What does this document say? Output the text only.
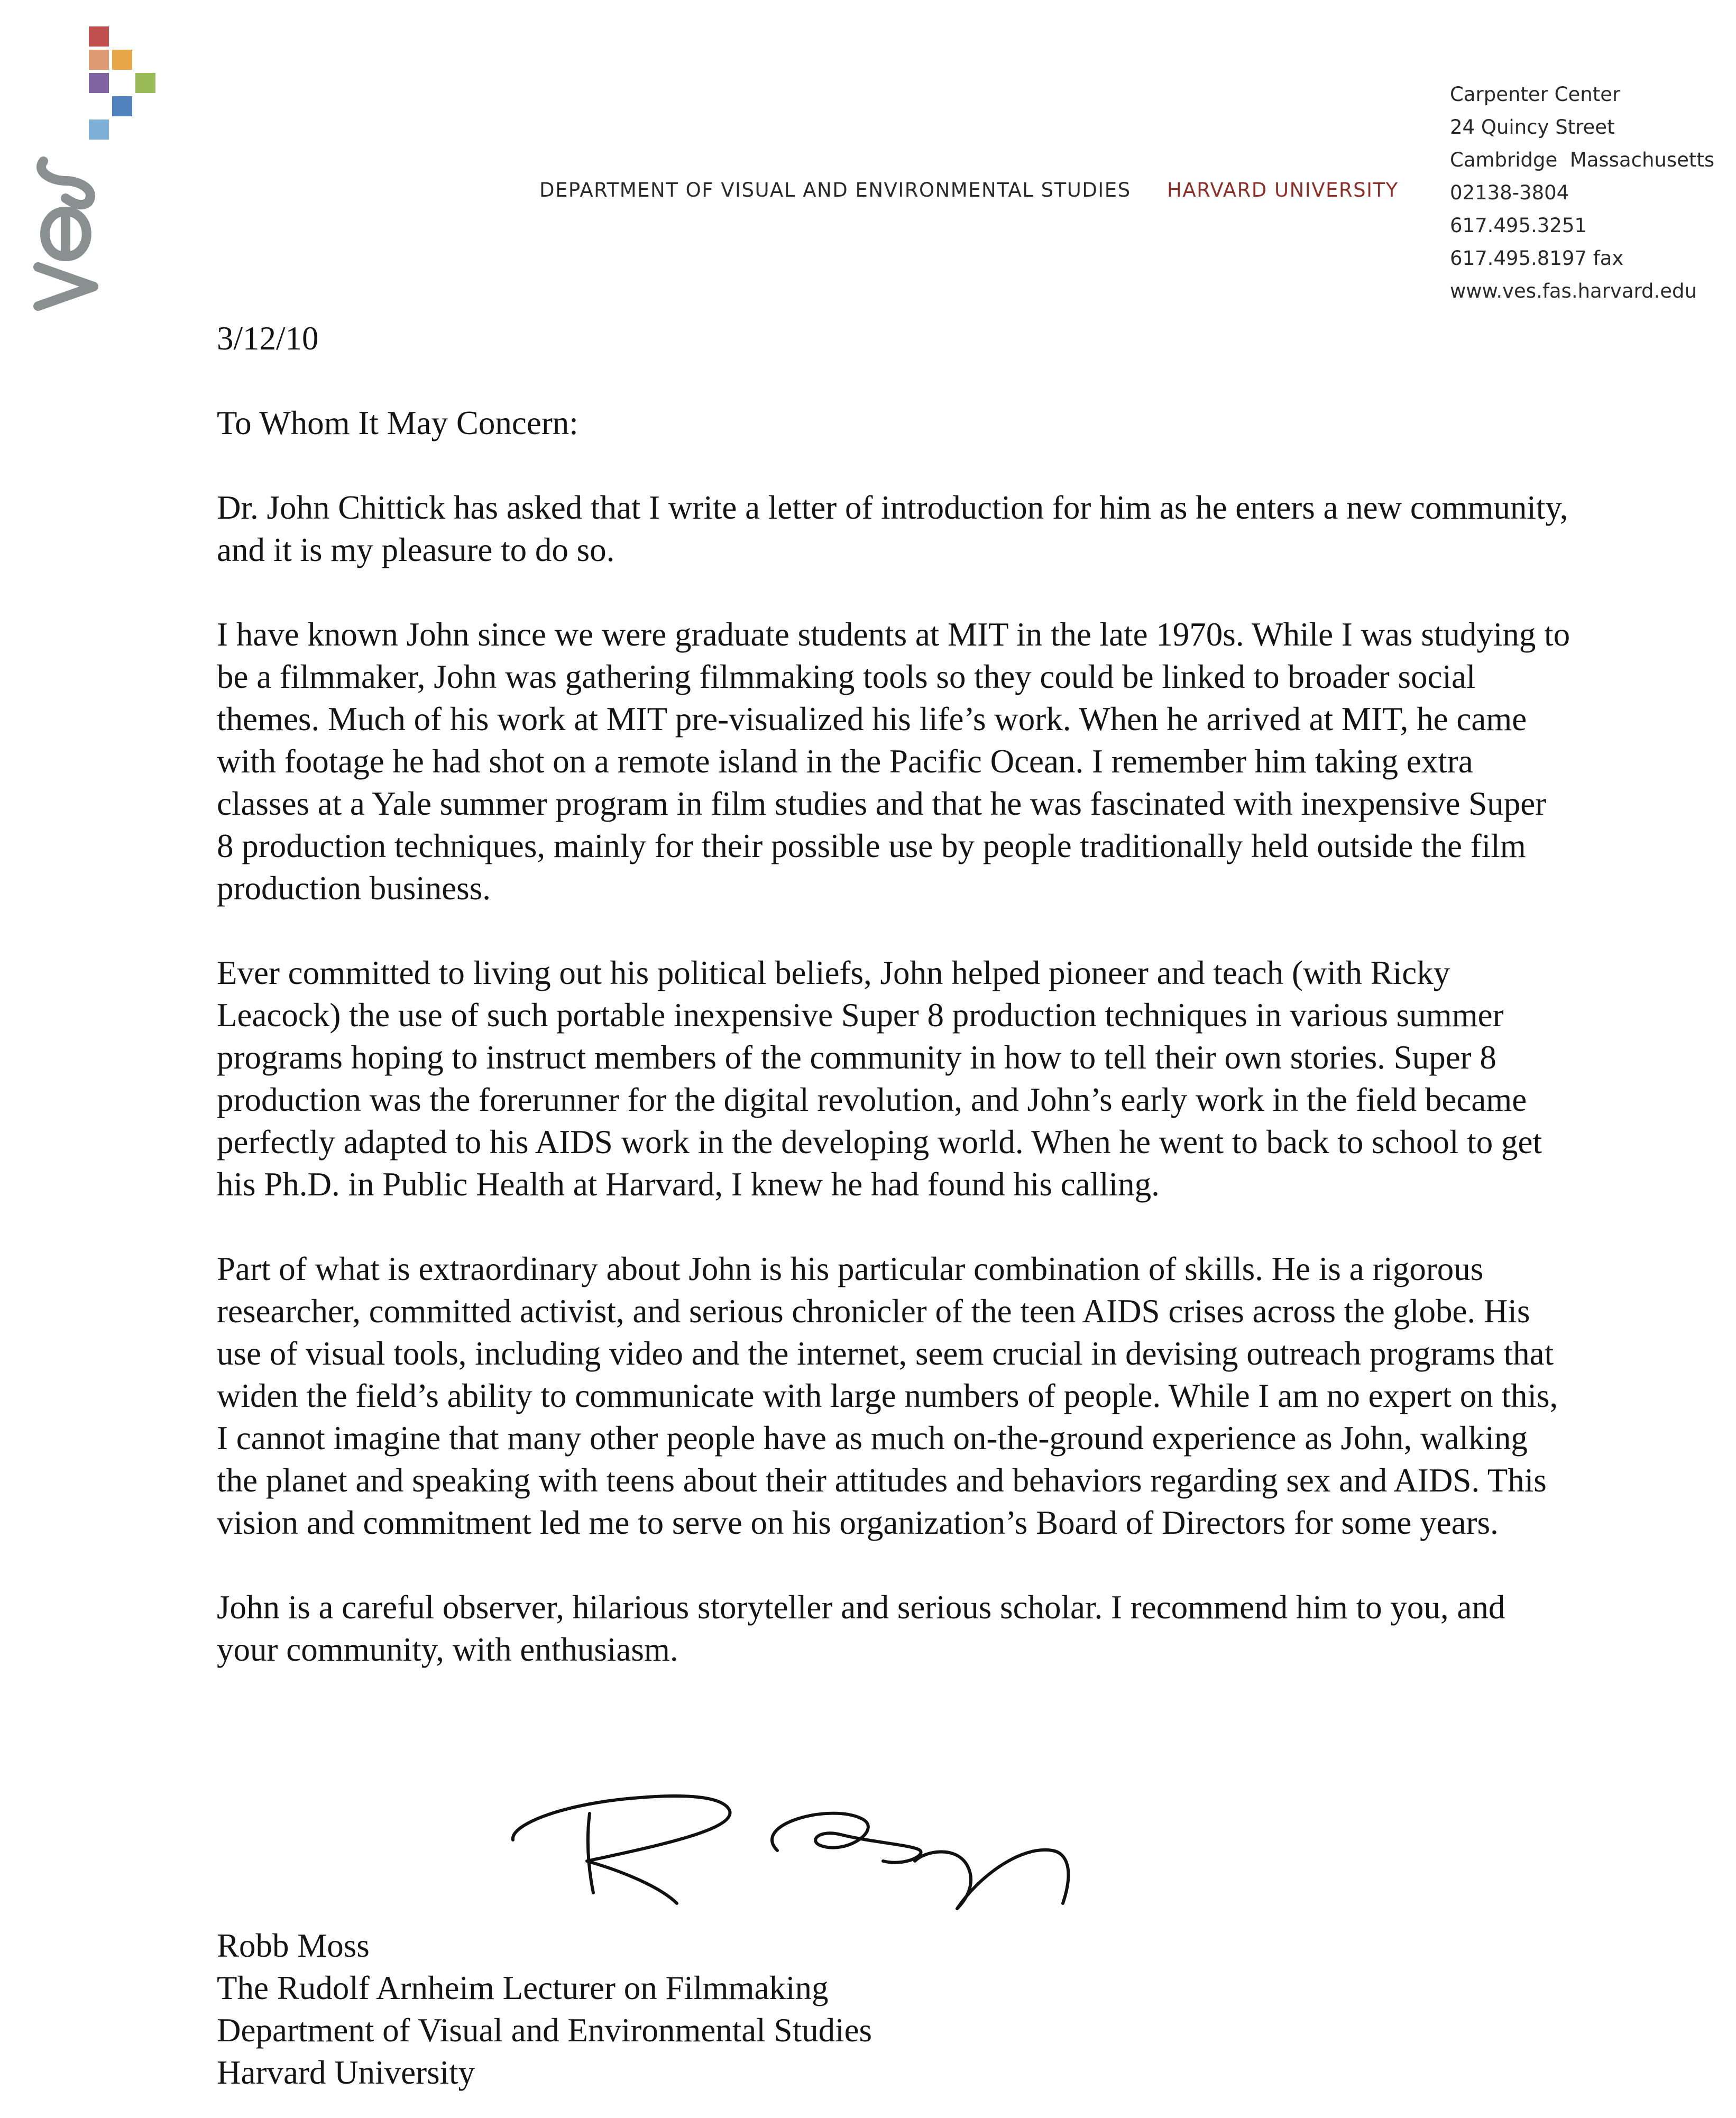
DEPARTMENT OF VISUAL AND ENVIRONMENTAL STUDIES HARVARD UNIVERSITY
Carpenter Center
24 Quincy Street
Cambridge  Massachusetts
02138-3804
617.495.3251
617.495.8197 fax
www.ves.fas.harvard.edu

3/12/10

To Whom It May Concern:

Dr. John Chittick has asked that I write a letter of introduction for him as he enters a new community, and it is my pleasure to do so.

I have known John since we were graduate students at MIT in the late 1970s. While I was studying to be a filmmaker, John was gathering filmmaking tools so they could be linked to broader social themes. Much of his work at MIT pre-visualized his life’s work. When he arrived at MIT, he came with footage he had shot on a remote island in the Pacific Ocean. I remember him taking extra classes at a Yale summer program in film studies and that he was fascinated with inexpensive Super 8 production techniques, mainly for their possible use by people traditionally held outside the film production business.

Ever committed to living out his political beliefs, John helped pioneer and teach (with Ricky Leacock) the use of such portable inexpensive Super 8 production techniques in various summer programs hoping to instruct members of the community in how to tell their own stories. Super 8 production was the forerunner for the digital revolution, and John’s early work in the field became perfectly adapted to his AIDS work in the developing world. When he went to back to school to get his Ph.D. in Public Health at Harvard, I knew he had found his calling.

Part of what is extraordinary about John is his particular combination of skills. He is a rigorous researcher, committed activist, and serious chronicler of the teen AIDS crises across the globe. His use of visual tools, including video and the internet, seem crucial in devising outreach programs that widen the field’s ability to communicate with large numbers of people. While I am no expert on this, I cannot imagine that many other people have as much on-the-ground experience as John, walking the planet and speaking with teens about their attitudes and behaviors regarding sex and AIDS. This vision and commitment led me to serve on his organization’s Board of Directors for some years.

John is a careful observer, hilarious storyteller and serious scholar. I recommend him to you, and your community, with enthusiasm.

Robb Moss
The Rudolf Arnheim Lecturer on Filmmaking
Department of Visual and Environmental Studies
Harvard University
